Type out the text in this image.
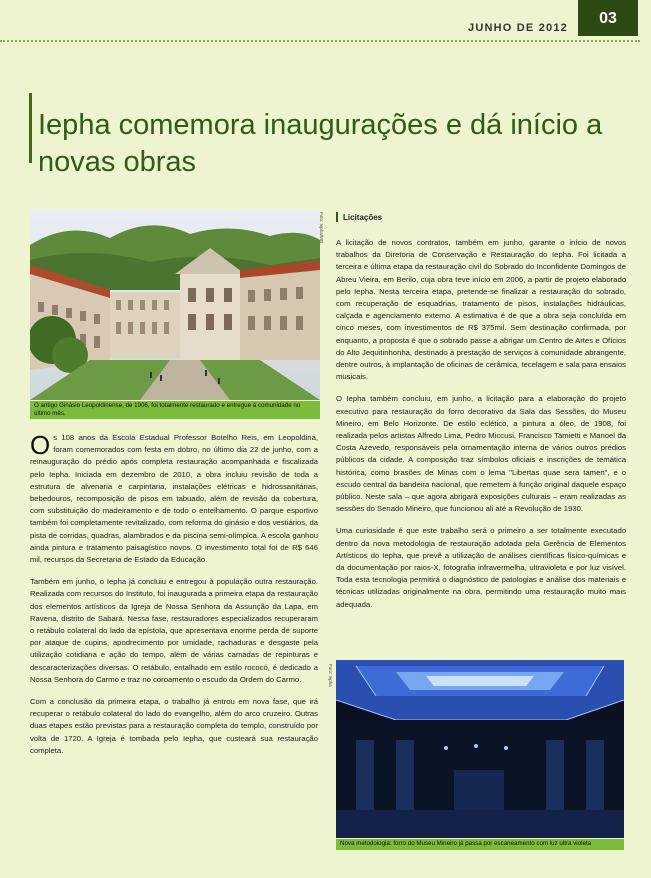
JUNHO DE 2012
03
Iepha comemora inaugurações e dá início a novas obras
Foto: Iepha/MG
O antigo Ginásio Leopoldinense, de 1906, foi totalmente restaurado e entregue à comunidade no último mês.

Os 108 anos da Escola Estadual Professor Botelho Reis, em Leopoldina, foram comemorados com festa em dobro, no último dia 22 de junho, com a reinauguração do prédio após completa restauração acompanhada e fiscalizada pelo Iepha. Iniciada em dezembro de 2010, a obra incluiu revisão de toda a estrutura de alvenaria e carpintaria, instalações elétricas e hidrossanitárias, bebedouros, recomposição de pisos em tabuado, além de revisão da cobertura, com substituição do madeiramento e de todo o entelhamento. O parque esportivo também foi completamente revitalizado, com reforma do ginásio e dos vestiários, da pista de corridas, quadras, alambrados e da piscina semi-olímpica. A escola ganhou ainda pintura e tratamento paisagístico novos. O investimento total foi de R$ 646 mil, recursos da Secretaria de Estado da Educação.

Também em junho, o Iepha já concluiu e entregou à população outra restauração. Realizada com recursos do Instituto, foi inaugurada a primeira etapa da restauração dos elementos artísticos da Igreja de Nossa Senhora da Assunção da Lapa, em Ravena, distrito de Sabará. Nessa fase, restauradores especializados recuperaram o retábulo colateral do lado da epístola, que apresentava enorme perda de suporte por ataque de cupins, apodrecimento por umidade, rachaduras e desgaste pela utilização cotidiana e ação do tempo, além de várias camadas de repinturas e descaracterizações diversas. O retábulo, entalhado em estilo rococó, é dedicado a Nossa Senhora do Carmo e traz no coroamento o escudo da Ordem do Carmo.

Com a conclusão da primeira etapa, o trabalho já entrou em nova fase, que irá recuperar o retábulo colateral do lado do evangelho, além do arco cruzeiro. Outras duas etapes estão previstas para a restauração completa do templo, construído por volta de 1720. A Igreja é tombada pelo Iepha, que custeará sua restauração completa.

Licitações

A licitação de novos contratos, também em junho, garante o início de novos trabalhos da Diretoria de Conservação e Restauração do Iepha. Foi licitada a terceira e última etapa da restauração civil do Sobrado do Inconfidente Domingos de Abreu Vieira, em Berilo, cuja obra teve início em 2006, a partir de projeto elaborado pelo Iepha. Nesta terceira etapa, pretende-se finalizar a restauração do sobrado, com recuperação de esquadrias, tratamento de pisos, instalações hidráulicas, calçada e agenciamento externo. A estimativa é de que a obra seja concluída em cinco meses, com investimentos de R$ 375mil. Sem destinação confirmada, por enquanto, a proposta é que o sobrado passe a abrigar um Centro de Artes e Ofícios do Alto Jequitinhonha, destinado à prestação de serviços à comunidade abrangente, dentre outros, à implantação de oficinas de cerâmica, tecelagem e sala para ensaios musicais.

O Iepha também concluiu, em junho, a licitação para a elaboração do projeto executivo para restauração do forro decorativo da Sala das Sessões, do Museu Mineiro, em Belo Horizonte. De estilo eclético, a pintura a óleo, de 1908, foi realizada pelos artistas Alfredo Lima, Pedro Miccusi, Francisco Tamietti e Manoel da Costa Azevedo, responsáveis pela ornamentação interna de vários outros prédios públicos da cidade. A composição traz símbolos oficiais e inscrições de temática histórica, como brasões de Minas com o lema "Libertas quae sera tamen", e o escudo central da bandeira nacional, que remetem à função original daquele espaço público. Neste sala – que agora abrigará exposições culturais – eram realizadas as sessões do Senado Mineiro, que funcionou ali até a Revolução de 1930.

Uma curiosidade é que este trabalho será o primeiro a ser totalmente executado dentro da nova metodologia de restauração adotada pela Gerência de Elementos Artísticos do Iepha, que prevê a utilização de análises científicas físico-químicas e da documentação por raios-X, fotografia infravermelha, ultravioleta e por luz visível. Toda esta tecnologia permitirá o diagnóstico de patologias e análise dos materiais e técnicas utilizadas originalmente na obra, permitindo uma restauração muito mais adequada.

Foto: Iepha
Nova metodologia: forro do Museu Mineiro já passa por escaneamento com luz ultra violeta
